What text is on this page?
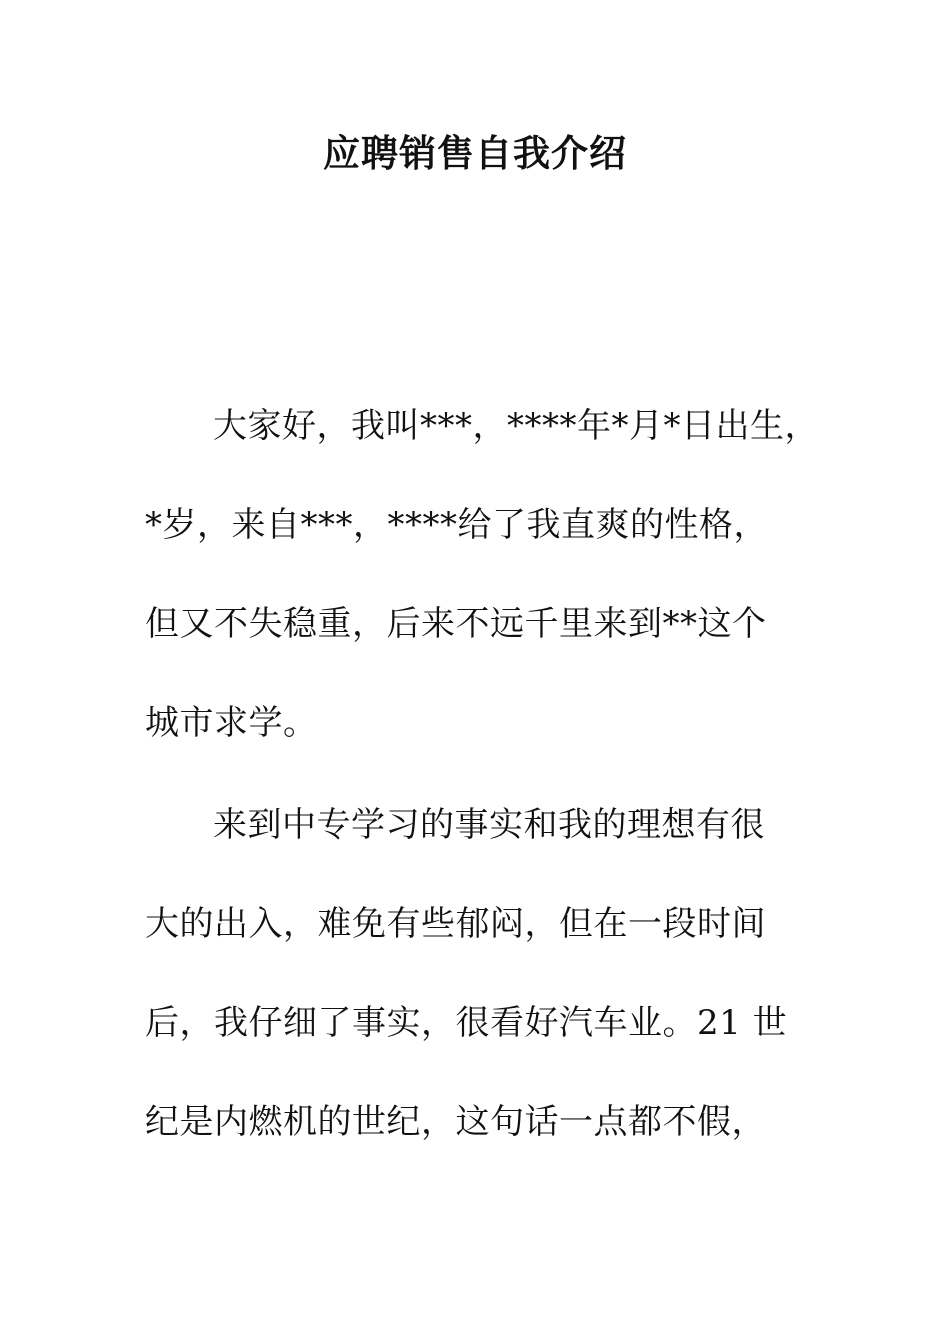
应聘销售自我介绍
大家好，我叫***，****年*月*日出生，
*岁，来自***，****给了我直爽的性格，
但又不失稳重，后来不远千里来到**这个
城市求学。
来到中专学习的事实和我的理想有很
大的出入，难免有些郁闷，但在一段时间
后，我仔细了事实，很看好汽车业。21 世
纪是内燃机的世纪，这句话一点都不假，
